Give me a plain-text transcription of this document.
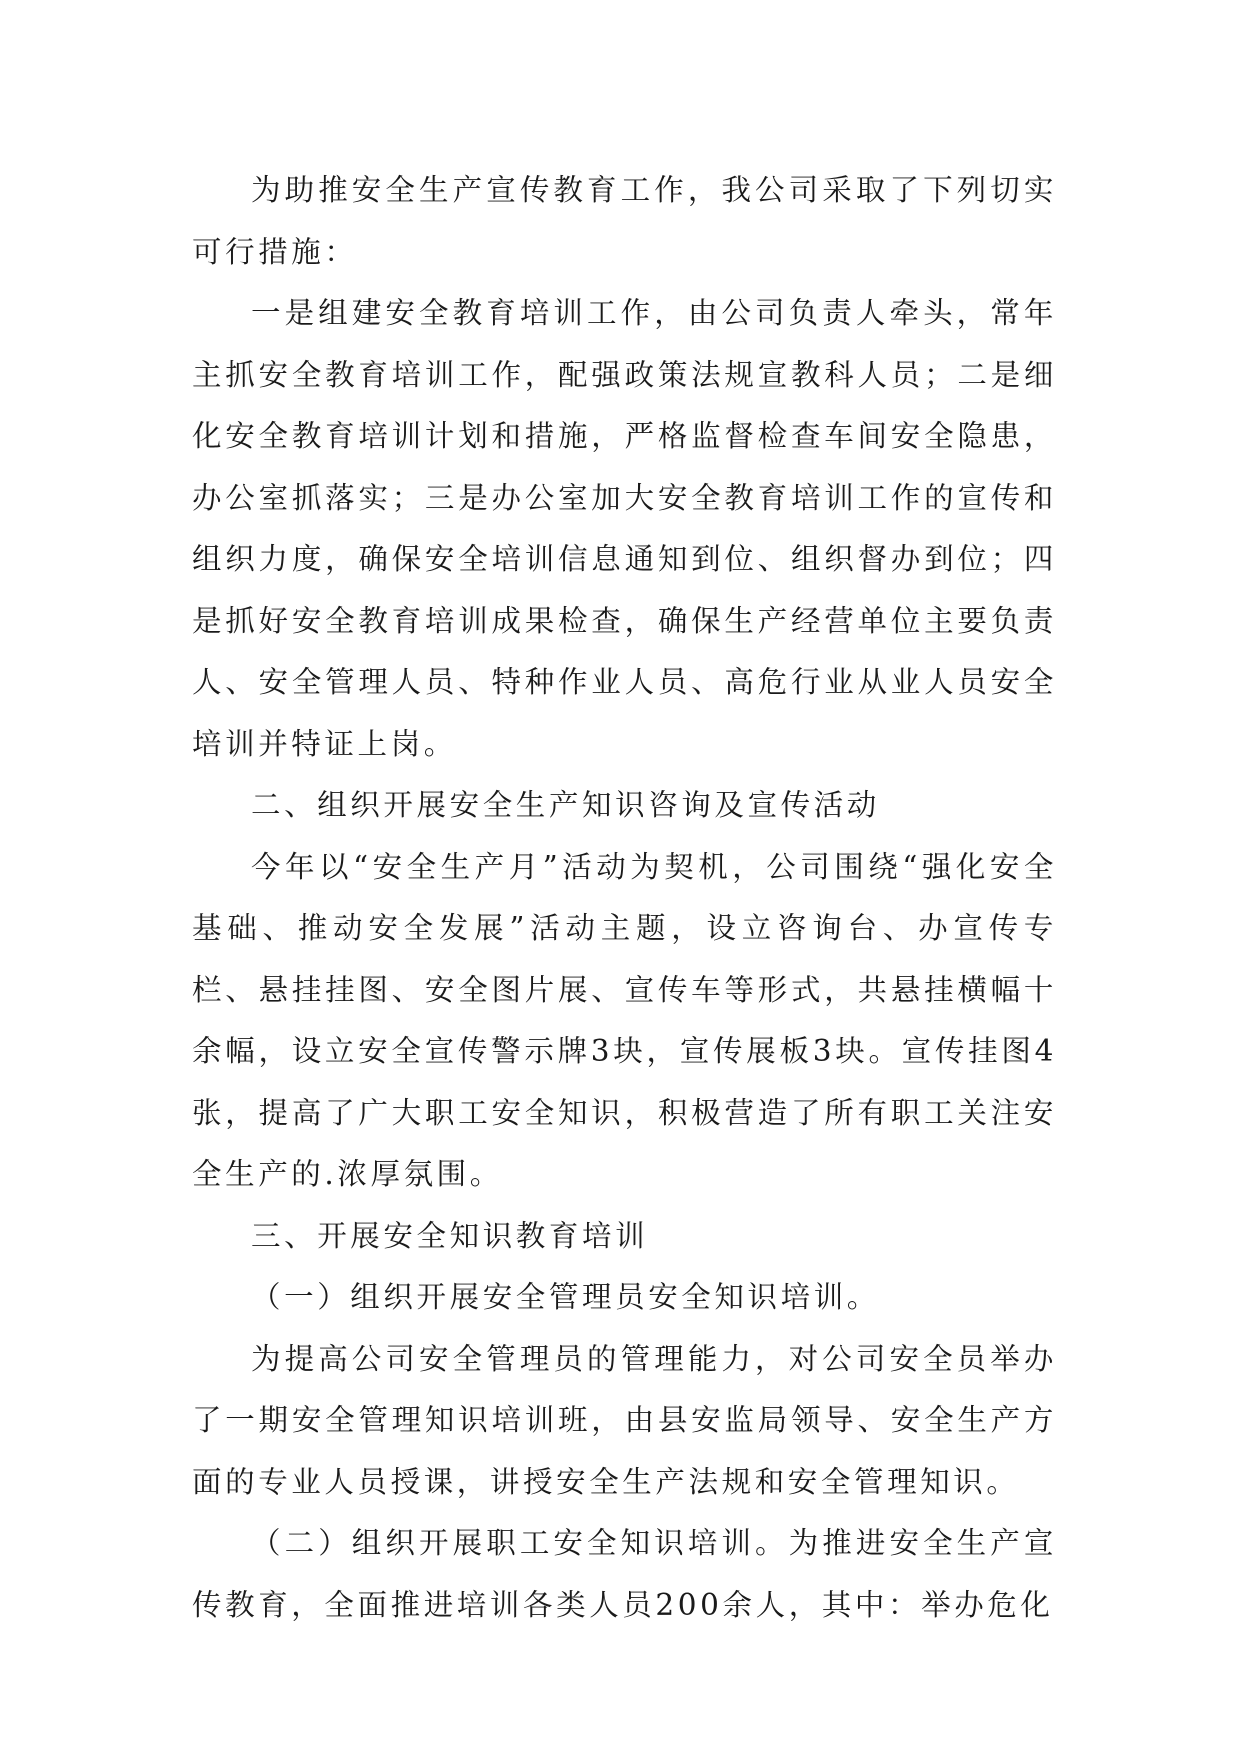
为助推安全生产宣传教育工作，我公司采取了下列切实可行措施：

一是组建安全教育培训工作，由公司负责人牵头，常年主抓安全教育培训工作，配强政策法规宣教科人员；二是细化安全教育培训计划和措施，严格监督检查车间安全隐患，办公室抓落实；三是办公室加大安全教育培训工作的宣传和组织力度，确保安全培训信息通知到位、组织督办到位；四是抓好安全教育培训成果检查，确保生产经营单位主要负责人、安全管理人员、特种作业人员、高危行业从业人员安全培训并特证上岗。

二、组织开展安全生产知识咨询及宣传活动

今年以“安全生产月”活动为契机，公司围绕“强化安全基础、推动安全发展”活动主题，设立咨询台、办宣传专栏、悬挂挂图、安全图片展、宣传车等形式，共悬挂横幅十余幅，设立安全宣传警示牌3块，宣传展板3块。宣传挂图4张，提高了广大职工安全知识，积极营造了所有职工关注安全生产的.浓厚氛围。

三、开展安全知识教育培训

（一）组织开展安全管理员安全知识培训。

为提高公司安全管理员的管理能力，对公司安全员举办了一期安全管理知识培训班，由县安监局领导、安全生产方面的专业人员授课，讲授安全生产法规和安全管理知识。

（二）组织开展职工安全知识培训。为推进安全生产宣传教育，全面推进培训各类人员200余人，其中：举办危化
